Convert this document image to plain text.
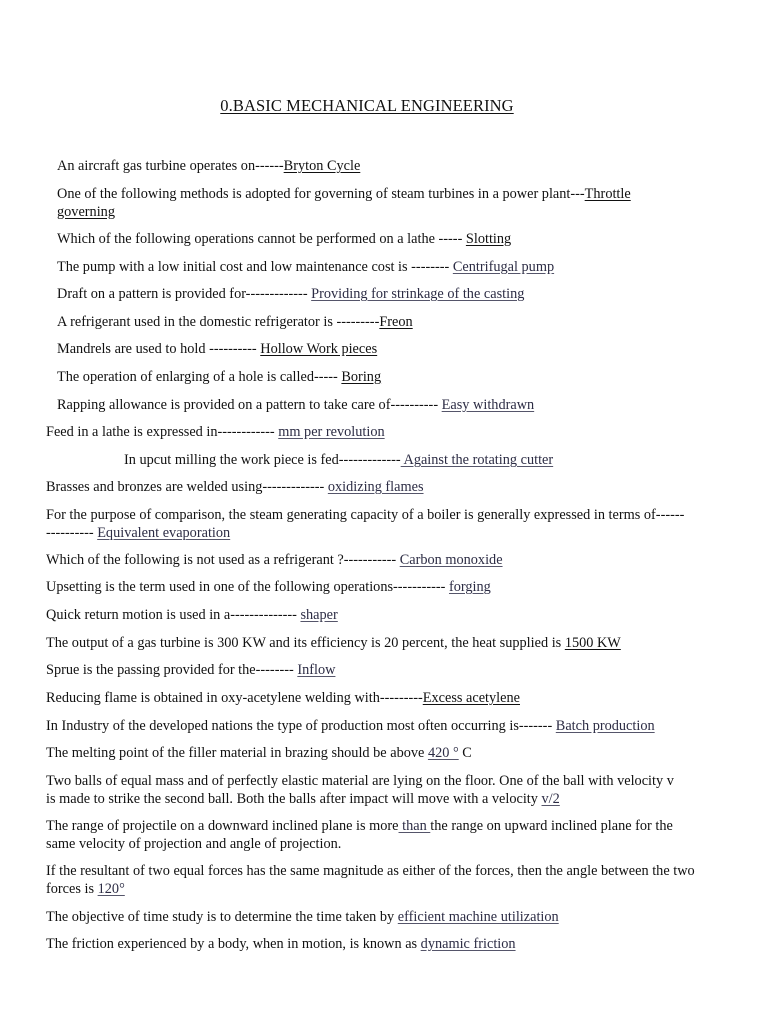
0.BASIC MECHANICAL ENGINEERING

An aircraft gas turbine operates on------Bryton Cycle

One of the following methods is adopted for governing of steam turbines in a power plant---Throttle governing

Which of the following operations cannot be performed on a lathe ----- Slotting

The pump with a low initial cost and low maintenance cost is -------- Centrifugal pump

Draft on a pattern is provided for------------- Providing for strinkage of the casting

A refrigerant used in the domestic refrigerator is ---------Freon

Mandrels are used to hold ---------- Hollow Work pieces

The operation of enlarging of a hole is called----- Boring

Rapping allowance is provided on a pattern to take care of---------- Easy withdrawn

Feed in a lathe is expressed in------------ mm per revolution

In upcut milling the work piece is fed------------- Against the rotating cutter

Brasses and bronzes are welded using------------- oxidizing flames

For the purpose of comparison, the steam generating capacity of a boiler is generally expressed in terms of---------------- Equivalent evaporation

Which of the following is not used as a refrigerant ?----------- Carbon monoxide

Upsetting is the term used in one of the following operations----------- forging

Quick return motion is used in a-------------- shaper

The output of a gas turbine is 300 KW and its efficiency is 20 percent, the heat supplied is 1500 KW

Sprue is the passing provided for the-------- Inflow

Reducing flame is obtained in oxy-acetylene welding with---------Excess acetylene

In Industry of the developed nations the type of production most often occurring is------- Batch production

The melting point of the filler material in brazing should be above 420 ° C

Two balls of equal mass and of perfectly elastic material are lying on the floor. One of the ball with velocity v is made to strike the second ball. Both the balls after impact will move with a velocity v/2

The range of projectile on a downward inclined plane is more than the range on upward inclined plane for the same velocity of projection and angle of projection.

If the resultant of two equal forces has the same magnitude as either of the forces, then the angle between the two forces is 120°

The objective of time study is to determine the time taken by efficient machine utilization

The friction experienced by a body, when in motion, is known as dynamic friction
